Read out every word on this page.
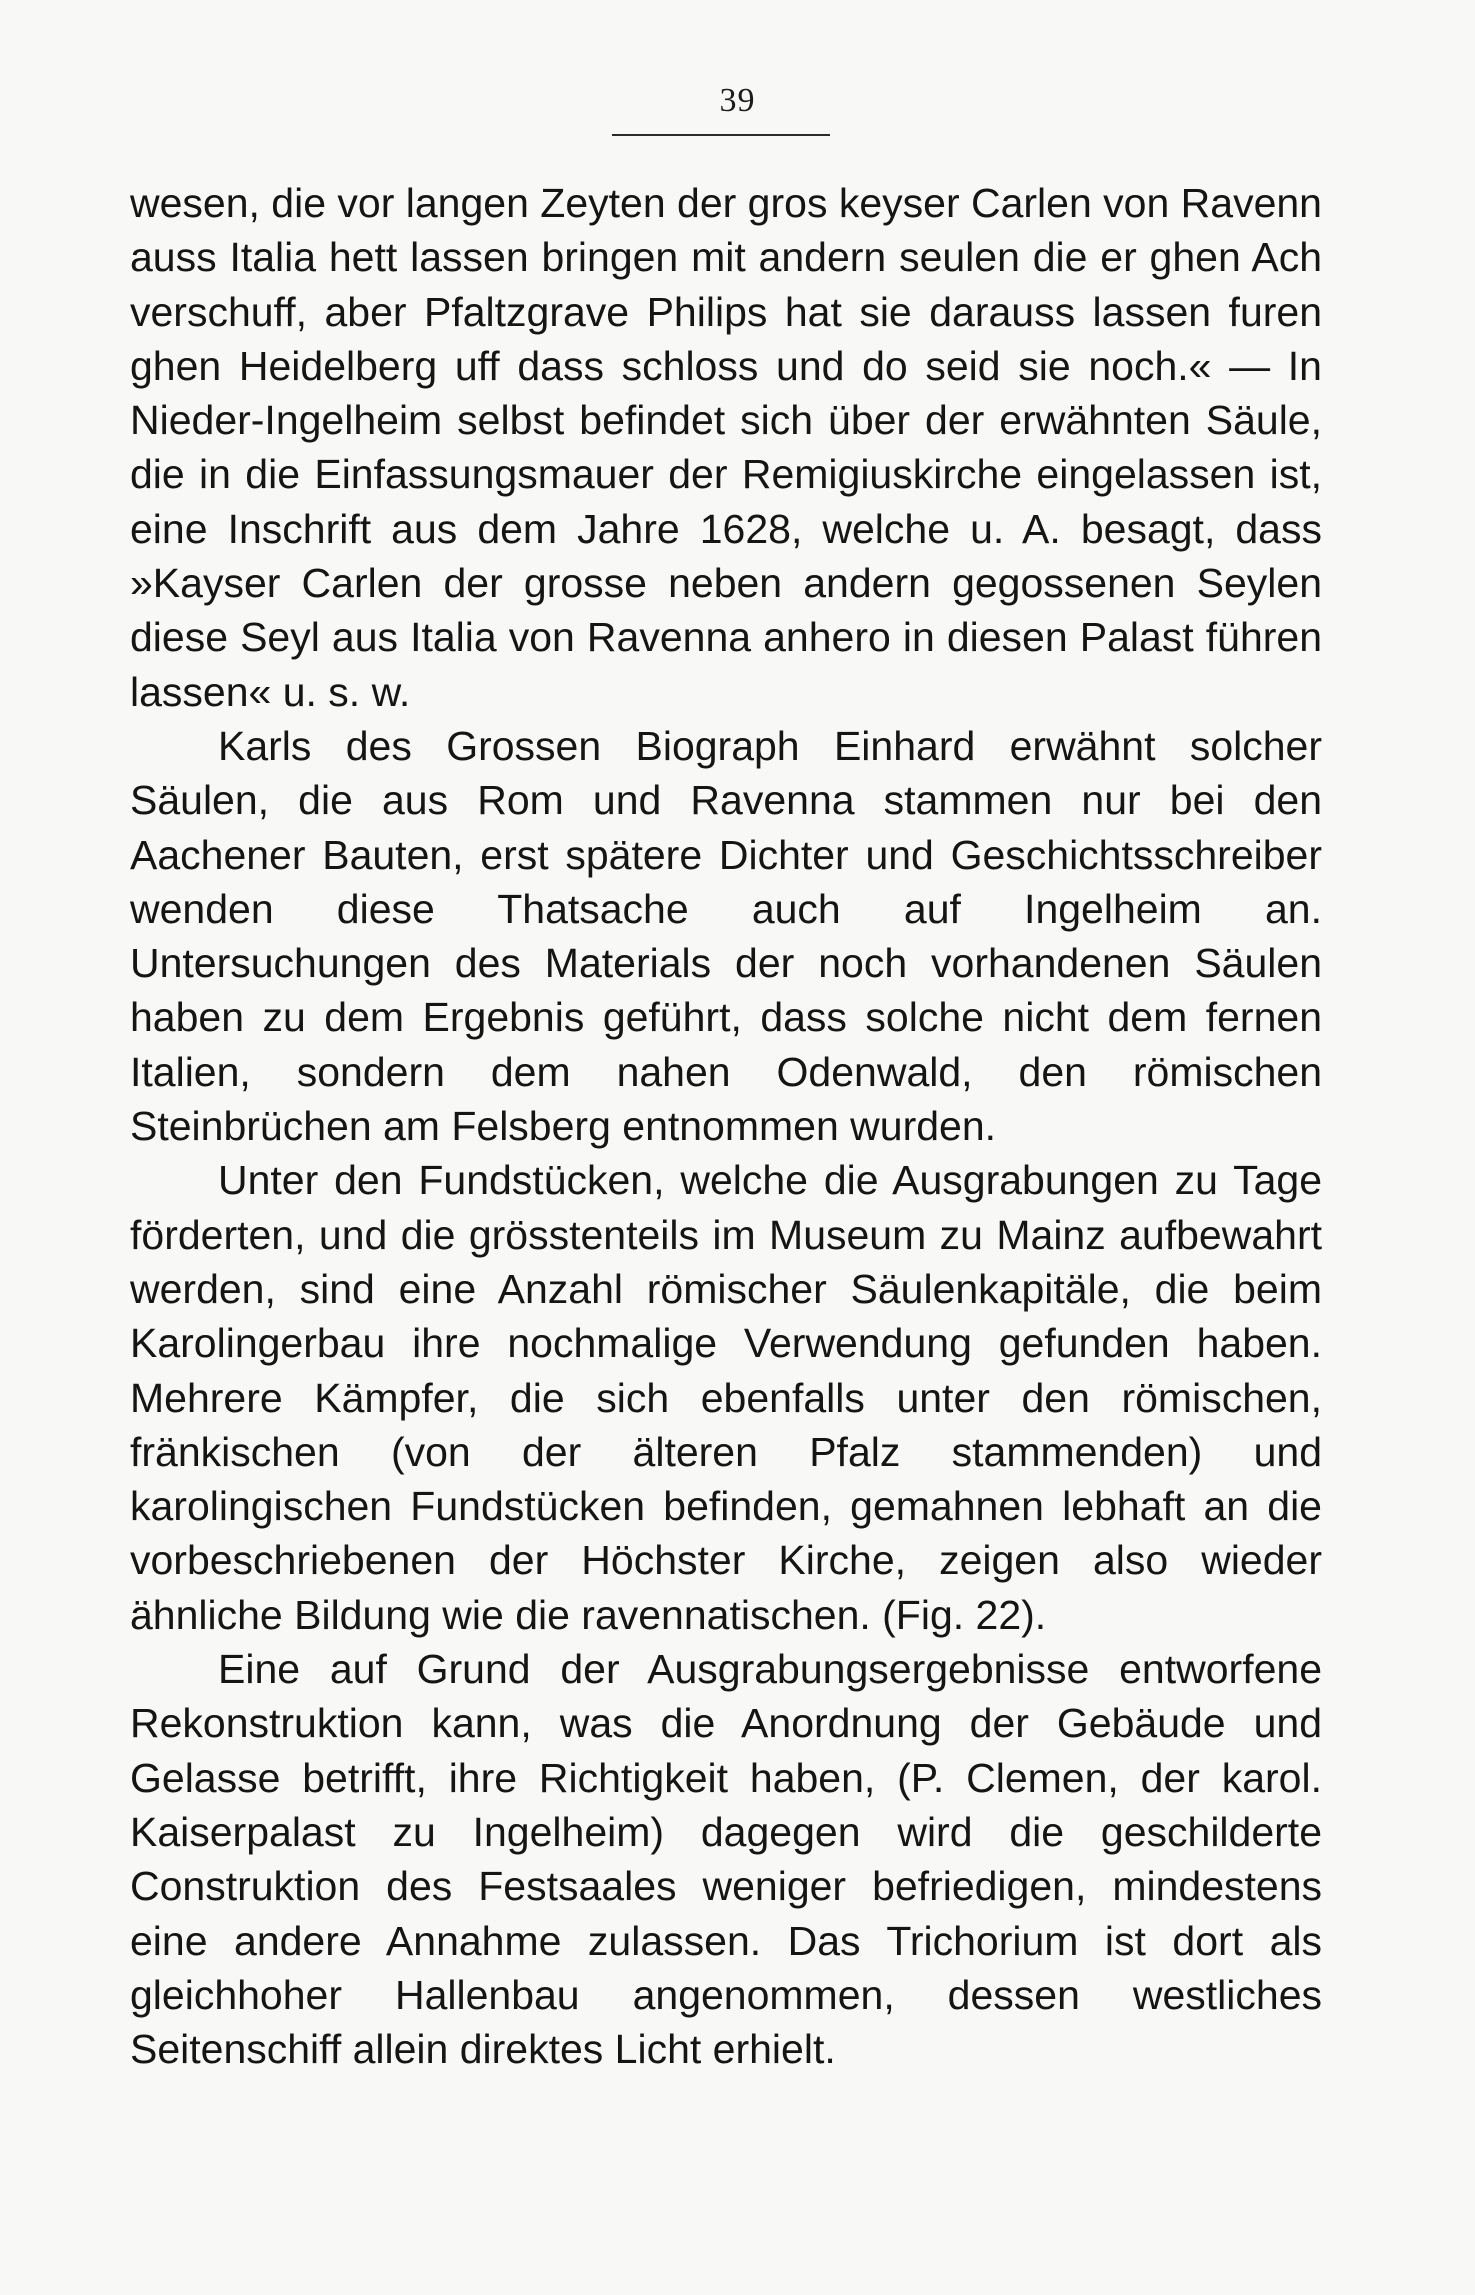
39

wesen, die vor langen Zeyten der gros keyser Carlen von Ravenn auss Italia hett lassen bringen mit andern seulen die er ghen Ach verschuff, aber Pfaltzgrave Philips hat sie darauss lassen furen ghen Heidelberg uff dass schloss und do seid sie noch.« — In Nieder-Ingelheim selbst befindet sich über der erwähnten Säule, die in die Einfassungsmauer der Remigiuskirche eingelassen ist, eine Inschrift aus dem Jahre 1628, welche u. A. besagt, dass »Kayser Carlen der grosse neben andern gegossenen Seylen diese Seyl aus Italia von Ravenna anhero in diesen Palast führen lassen« u. s. w.

Karls des Grossen Biograph Einhard erwähnt solcher Säulen, die aus Rom und Ravenna stammen nur bei den Aachener Bauten, erst spätere Dichter und Geschichtsschreiber wenden diese Thatsache auch auf Ingelheim an. Untersuchungen des Materials der noch vorhandenen Säulen haben zu dem Ergebnis geführt, dass solche nicht dem fernen Italien, sondern dem nahen Odenwald, den römischen Steinbrüchen am Felsberg entnommen wurden.

Unter den Fundstücken, welche die Ausgrabungen zu Tage förderten, und die grösstenteils im Museum zu Mainz aufbewahrt werden, sind eine Anzahl römischer Säulenkapitäle, die beim Karolingerbau ihre nochmalige Verwendung gefunden haben. Mehrere Kämpfer, die sich ebenfalls unter den römischen, fränkischen (von der älteren Pfalz stammenden) und karolingischen Fundstücken befinden, gemahnen lebhaft an die vorbeschriebenen der Höchster Kirche, zeigen also wieder ähnliche Bildung wie die ravennatischen. (Fig. 22).

Eine auf Grund der Ausgrabungsergebnisse entworfene Rekonstruktion kann, was die Anordnung der Gebäude und Gelasse betrifft, ihre Richtigkeit haben, (P. Clemen, der karol. Kaiserpalast zu Ingelheim) dagegen wird die geschilderte Construktion des Festsaales weniger befriedigen, mindestens eine andere Annahme zulassen. Das Trichorium ist dort als gleichhoher Hallenbau angenommen, dessen westliches Seitenschiff allein direktes Licht erhielt.
